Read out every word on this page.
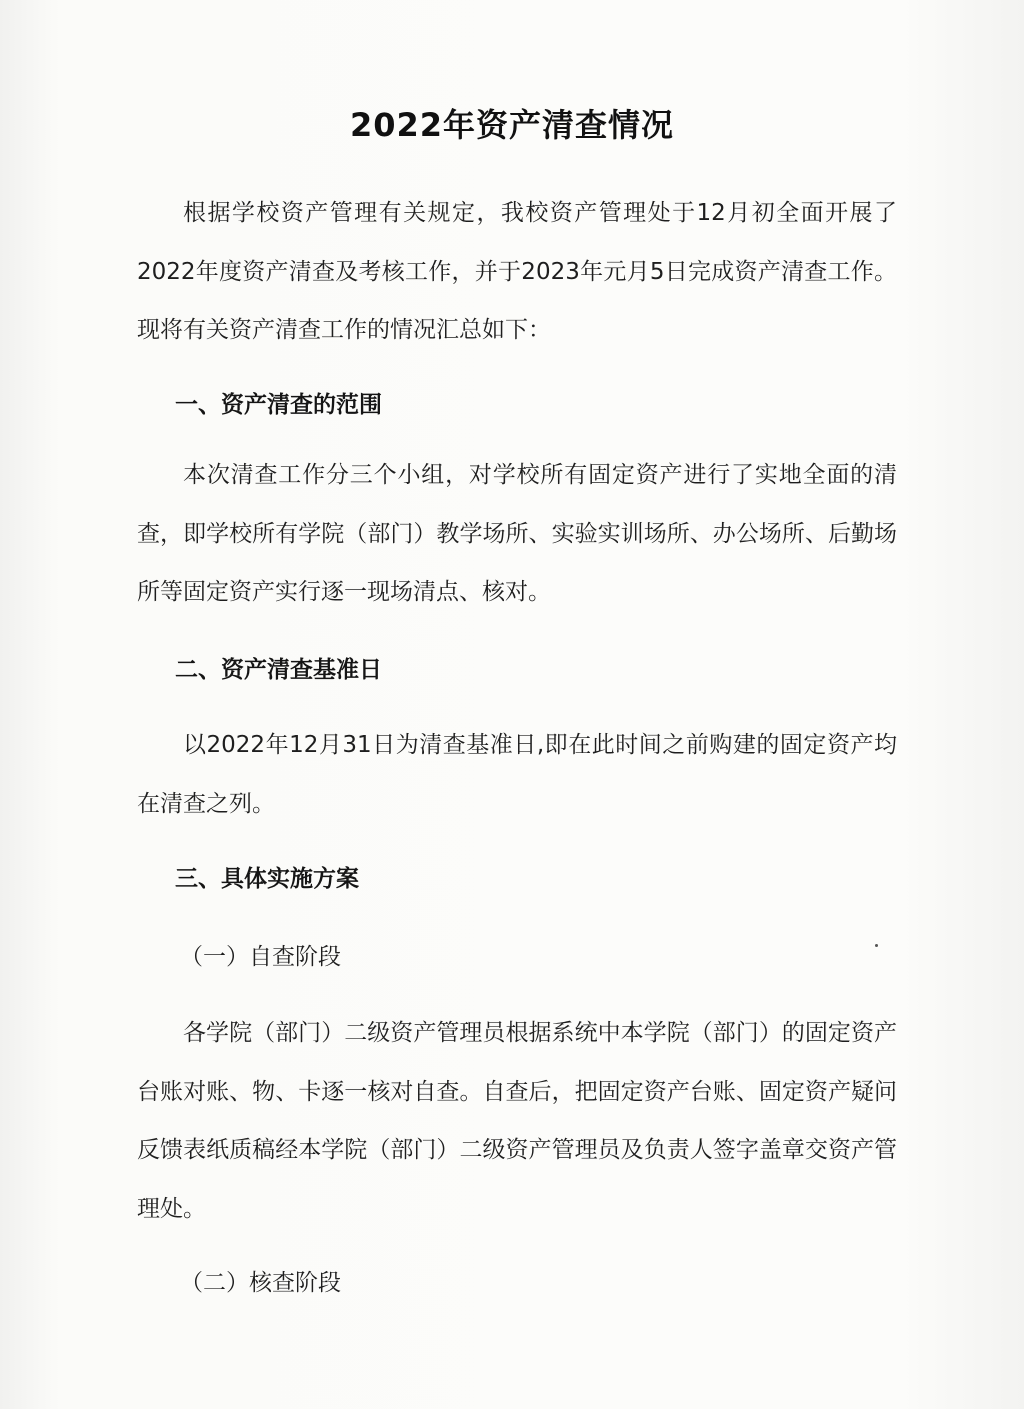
2022年资产清查情况
根据学校资产管理有关规定，我校资产管理处于12月初全面开展了2022年度资产清查及考核工作，并于2023年元月5日完成资产清查工作。现将有关资产清查工作的情况汇总如下：
一、资产清查的范围
本次清查工作分三个小组，对学校所有固定资产进行了实地全面的清查，即学校所有学院（部门）教学场所、实验实训场所、办公场所、后勤场所等固定资产实行逐一现场清点、核对。
二、资产清查基准日
以2022年12月31日为清查基准日,即在此时间之前购建的固定资产均在清查之列。
三、具体实施方案
（一）自查阶段
各学院（部门）二级资产管理员根据系统中本学院（部门）的固定资产台账对账、物、卡逐一核对自查。自查后，把固定资产台账、固定资产疑问反馈表纸质稿经本学院（部门）二级资产管理员及负责人签字盖章交资产管理处。
（二）核查阶段
